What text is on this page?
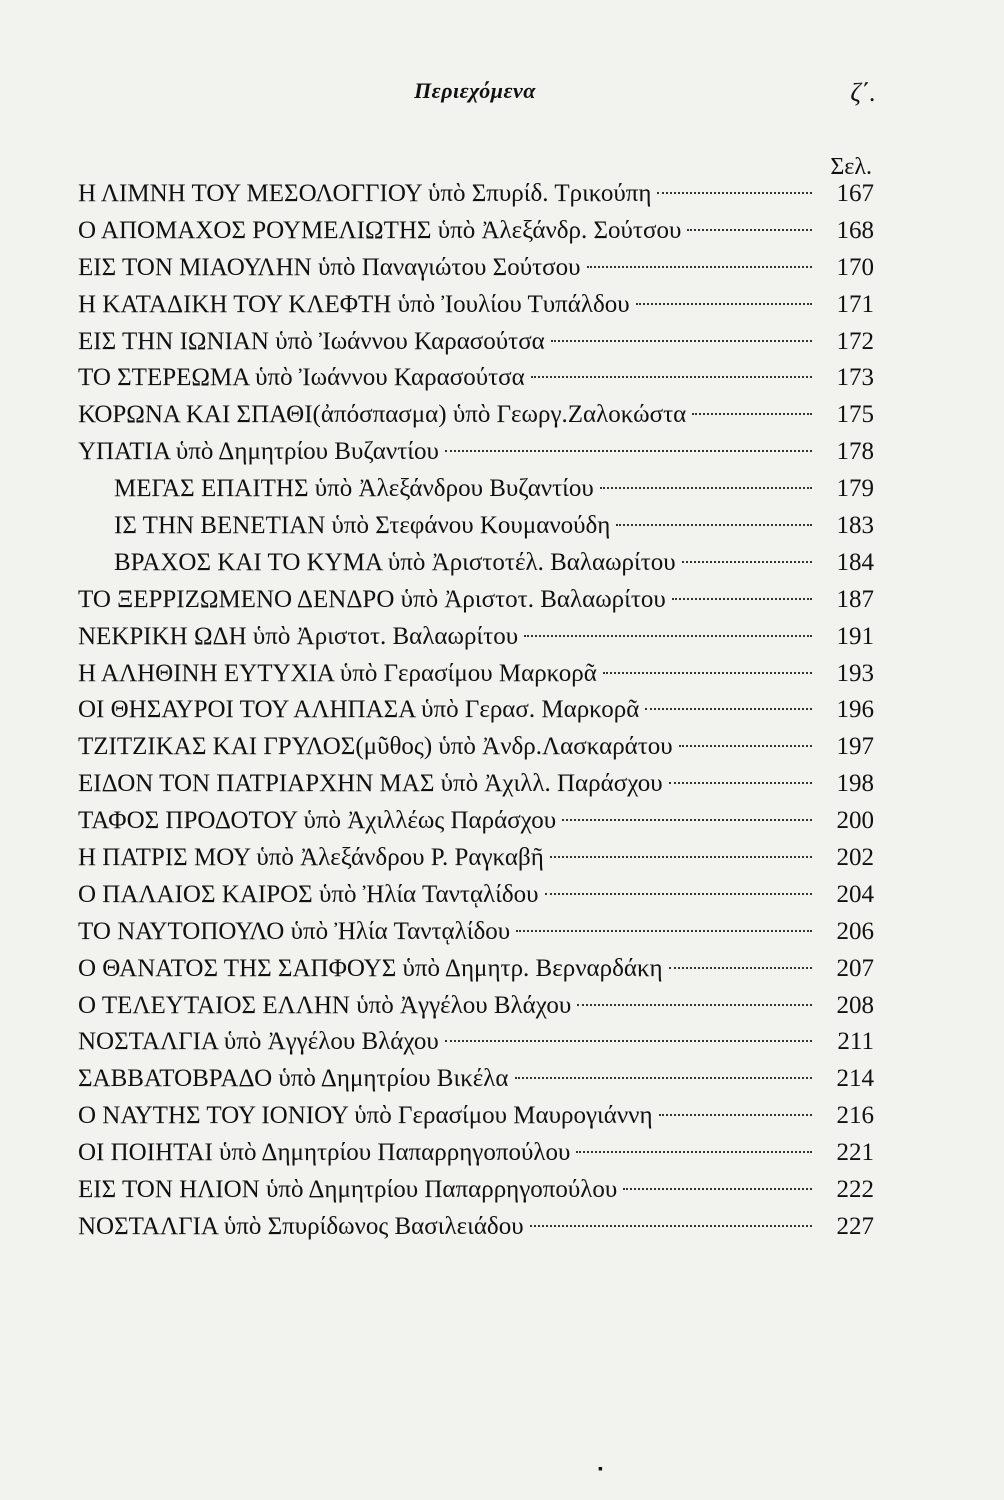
Περιεχόμενα	ζ΄.
Σελ.
Η ΛΙΜΝΗ ΤΟΥ ΜΕΣΟΛΟΓΓΙΟΥ ὑπὸ Σπυρίδ. Τρικούπη	167
Ο ΑΠΟΜΑΧΟΣ ΡΟΥΜΕΛΙΩΤΗΣ ὑπὸ Ἀλεξάνδρ. Σούτσου	168
ΕΙΣ ΤΟΝ ΜΙΑΟΥΛΗΝ ὑπὸ Παναγιώτου Σούτσου	170
Η ΚΑΤΑΔΙΚΗ ΤΟΥ ΚΛΕΦΤΗ ὑπὸ Ἰουλίου Τυπάλδου	171
ΕΙΣ ΤΗΝ ΙΩΝΙΑΝ ὑπὸ Ἰωάννου Καρασούτσα	172
ΤΟ ΣΤΕΡΕΩΜΑ ὑπὸ Ἰωάννου Καρασούτσα	173
ΚΟΡΩΝΑ ΚΑΙ ΣΠΑΘΙ(ἀπόσπασμα) ὑπὸ Γεωργ.Ζαλοκώστα	175
ΥΠΑΤΙΑ ὑπὸ Δημητρίου Βυζαντίου	178
ΜΕΓΑΣ ΕΠΑΙΤΗΣ ὑπὸ Ἀλεξάνδρου Βυζαντίου	179
ΙΣ ΤΗΝ ΒΕΝΕΤΙΑΝ ὑπὸ Στεφάνου Κουμανούδη	183
ΒΡΑΧΟΣ ΚΑΙ ΤΟ ΚΥΜΑ ὑπὸ Ἀριστοτέλ. Βαλαωρίτου	184
ΤΟ ΞΕΡΡΙΖΩΜΕΝΟ ΔΕΝΔΡΟ ὑπὸ Ἀριστοτ. Βαλαωρίτου	187
ΝΕΚΡΙΚΗ ΩΔΗ ὑπὸ Ἀριστοτ. Βαλαωρίτου	191
Η ΑΛΗΘΙΝΗ ΕΥΤΥΧΙΑ ὑπὸ Γερασίμου Μαρκορᾶ	193
ΟΙ ΘΗΣΑΥΡΟΙ ΤΟΥ ΑΛΗΠΑΣΑ ὑπὸ Γερασ. Μαρκορᾶ	196
ΤΖΙΤΖΙΚΑΣ ΚΑΙ ΓΡΥΛΟΣ(μῦθος) ὑπὸ Ἀνδρ.Λασκαράτου	197
ΕΙΔΟΝ ΤΟΝ ΠΑΤΡΙΑΡΧΗΝ ΜΑΣ ὑπὸ Ἀχιλλ. Παράσχου	198
ΤΑΦΟΣ ΠΡΟΔΟΤΟΥ ὑπὸ Ἀχιλλέως Παράσχου	200
Η ΠΑΤΡΙΣ ΜΟΥ ὑπὸ Ἀλεξάνδρου Ρ. Ραγκαβῆ	202
Ο ΠΑΛΑΙΟΣ ΚΑΙΡΟΣ ὑπὸ Ἠλία Ταντᾳλίδου	204
ΤΟ ΝΑΥΤΟΠΟΥΛΟ ὑπὸ Ἠλία Ταντᾳλίδου	206
Ο ΘΑΝΑΤΟΣ ΤΗΣ ΣΑΠΦΟΥΣ ὑπὸ Δημητρ. Βερναρδάκη	207
Ο ΤΕΛΕΥΤΑΙΟΣ ΕΛΛΗΝ ὑπὸ Ἀγγέλου Βλάχου	208
ΝΟΣΤΑΛΓΙΑ ὑπὸ Ἀγγέλου Βλάχου	211
ΣΑΒΒΑΤΟΒΡΑΔΟ ὑπὸ Δημητρίου Βικέλα	214
Ο ΝΑΥΤΗΣ ΤΟΥ ΙΟΝΙΟΥ ὑπὸ Γερασίμου Μαυρογιάννη	216
ΟΙ ΠΟΙΗΤΑΙ ὑπὸ Δημητρίου Παπαρρηγοπούλου	221
ΕΙΣ ΤΟΝ ΗΛΙΟΝ ὑπὸ Δημητρίου Παπαρρηγοπούλου	222
ΝΟΣΤΑΛΓΙΑ ὑπὸ Σπυρίδωνος Βασιλειάδου	227
▪
